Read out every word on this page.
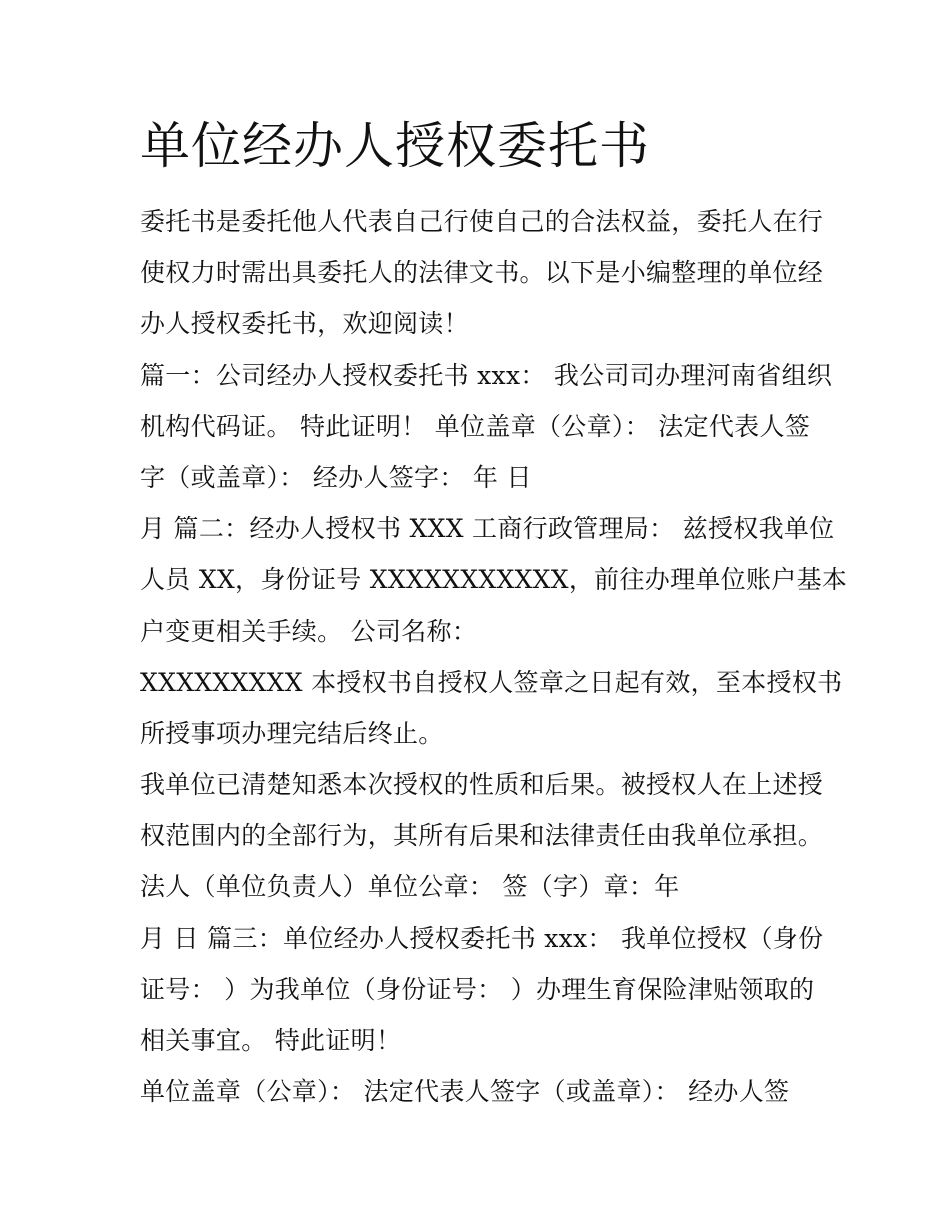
单位经办人授权委托书
委托书是委托他人代表自己行使自己的合法权益，委托人在行
使权力时需出具委托人的法律文书。以下是小编整理的单位经
办人授权委托书，欢迎阅读！
篇一：公司经办人授权委托书 xxx： 我公司司办理河南省组织
机构代码证。 特此证明！ 单位盖章（公章）： 法定代表人签
字（或盖章）： 经办人签字： 年 日
月 篇二：经办人授权书 XXX 工商行政管理局： 兹授权我单位
人员 XX，身份证号 XXXXXXXXXXX，前往办理单位账户基本
户变更相关手续。 公司名称：
XXXXXXXXX 本授权书自授权人签章之日起有效，至本授权书
所授事项办理完结后终止。
我单位已清楚知悉本次授权的性质和后果。被授权人在上述授
权范围内的全部行为，其所有后果和法律责任由我单位承担。
法人（单位负责人）单位公章： 签（字）章：年
月 日 篇三：单位经办人授权委托书 xxx： 我单位授权（身份
证号： ）为我单位（身份证号： ）办理生育保险津贴领取的
相关事宜。 特此证明！
单位盖章（公章）： 法定代表人签字（或盖章）： 经办人签
